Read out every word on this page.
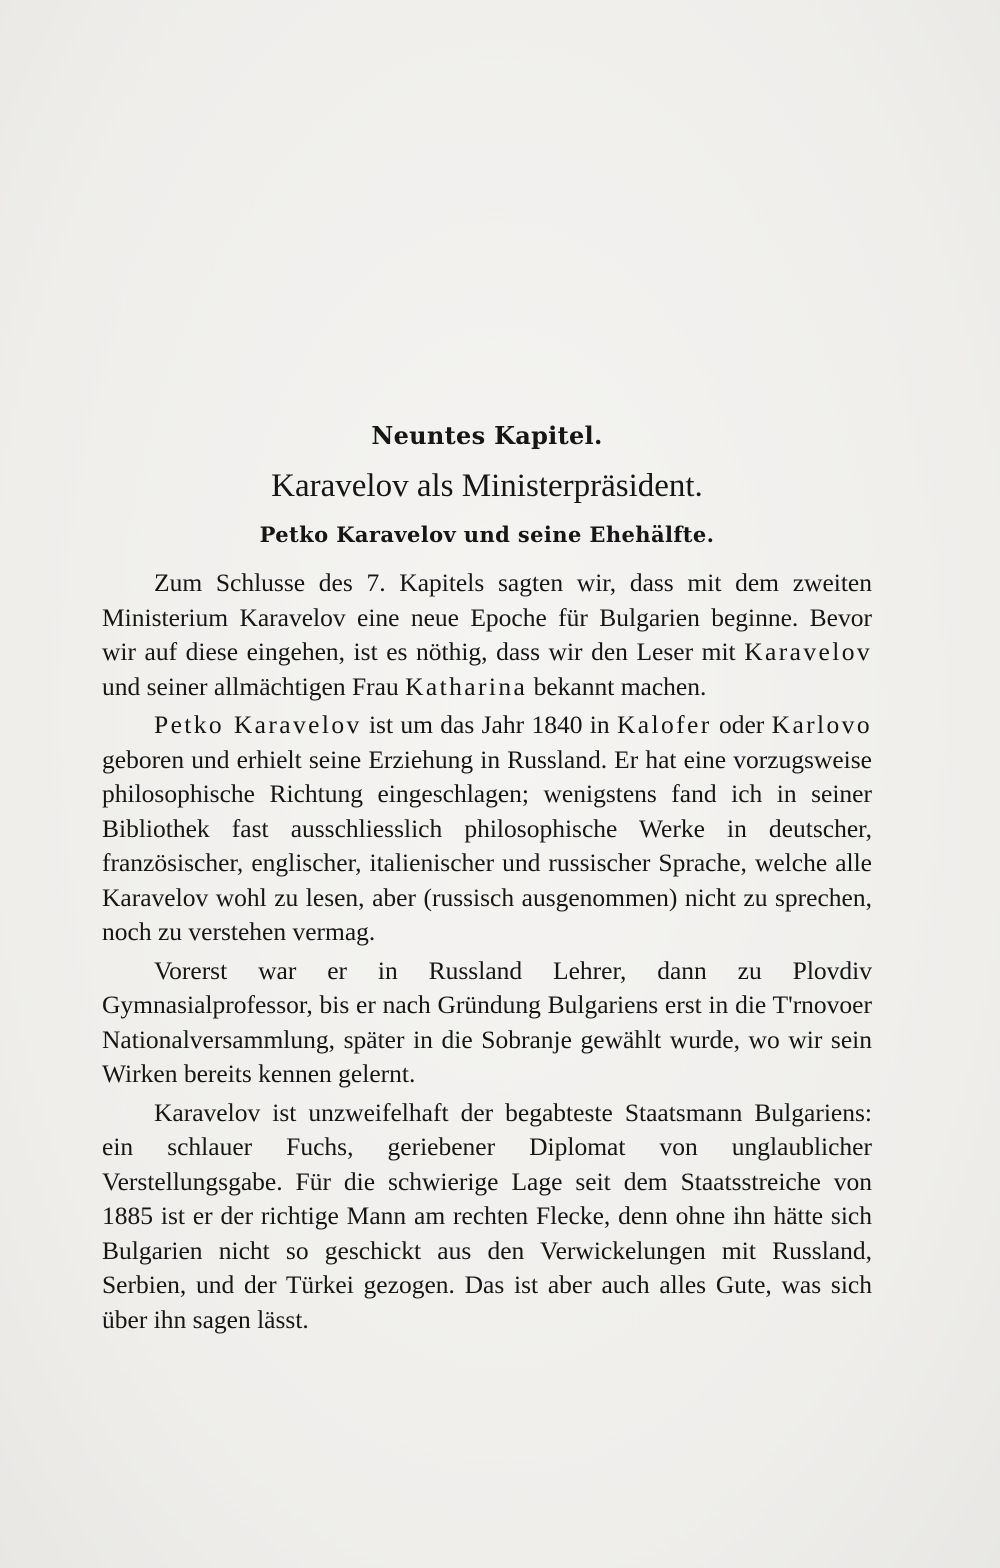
Neuntes Kapitel.
Karavelov als Ministerpräsident.
Petko Karavelov und seine Ehehälfte.

Zum Schlusse des 7. Kapitels sagten wir, dass mit dem zweiten Ministerium Karavelov eine neue Epoche für Bulgarien beginne. Bevor wir auf diese eingehen, ist es nöthig, dass wir den Leser mit Karavelov und seiner allmächtigen Frau Katharina bekannt machen.

Petko Karavelov ist um das Jahr 1840 in Kalofer oder Karlovo geboren und erhielt seine Erziehung in Russland. Er hat eine vorzugsweise philosophische Richtung eingeschlagen; wenigstens fand ich in seiner Bibliothek fast ausschliesslich philosophische Werke in deutscher, französischer, englischer, italienischer und russischer Sprache, welche alle Karavelov wohl zu lesen, aber (russisch ausgenommen) nicht zu sprechen, noch zu verstehen vermag.

Vorerst war er in Russland Lehrer, dann zu Plovdiv Gymnasialprofessor, bis er nach Gründung Bulgariens erst in die T'rnovoer Nationalversammlung, später in die Sobranje gewählt wurde, wo wir sein Wirken bereits kennen gelernt.

Karavelov ist unzweifelhaft der begabteste Staatsmann Bulgariens: ein schlauer Fuchs, geriebener Diplomat von unglaublicher Verstellungsgabe. Für die schwierige Lage seit dem Staatsstreiche von 1885 ist er der richtige Mann am rechten Flecke, denn ohne ihn hätte sich Bulgarien nicht so geschickt aus den Verwickelungen mit Russland, Serbien, und der Türkei gezogen. Das ist aber auch alles Gute, was sich über ihn sagen lässt.
